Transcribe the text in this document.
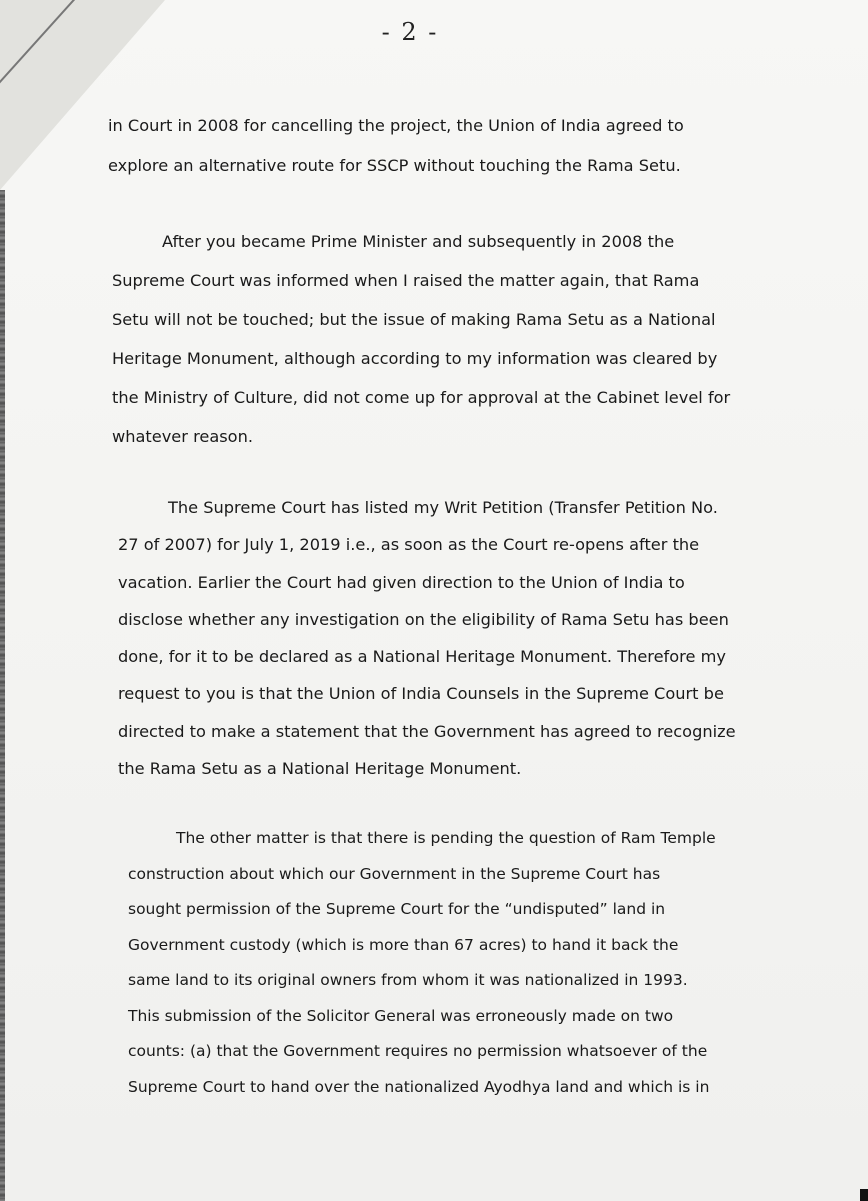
- 2 -
in Court in 2008 for cancelling the project, the Union of India agreed to
explore an alternative route for SSCP without touching the Rama Setu.
After you became Prime Minister and subsequently in 2008 the
Supreme Court was informed when I raised the matter again, that Rama
Setu will not be touched; but the issue of making Rama Setu as a National
Heritage Monument, although according to my information was cleared by
the Ministry of Culture, did not come up for approval at the Cabinet level for
whatever reason.
The Supreme Court has listed my Writ Petition (Transfer Petition No.
27 of 2007) for July 1, 2019 i.e., as soon as the Court re-opens after the
vacation. Earlier the Court had given direction to the Union of India to
disclose whether any investigation on the eligibility of Rama Setu has been
done, for it to be declared as a National Heritage Monument. Therefore my
request to you is that the Union of India Counsels in the Supreme Court be
directed to make a statement that the Government has agreed to recognize
the Rama Setu as a National Heritage Monument.
The other matter is that there is pending the question of Ram Temple
construction about which our Government in the Supreme Court has
sought permission of the Supreme Court for the “undisputed” land in
Government custody (which is more than 67 acres) to hand it back the
same land to its original owners from whom it was nationalized in 1993.
This submission of the Solicitor General was erroneously made on two
counts: (a) that the Government requires no permission whatsoever of the
Supreme Court to hand over the nationalized Ayodhya land and which is in
